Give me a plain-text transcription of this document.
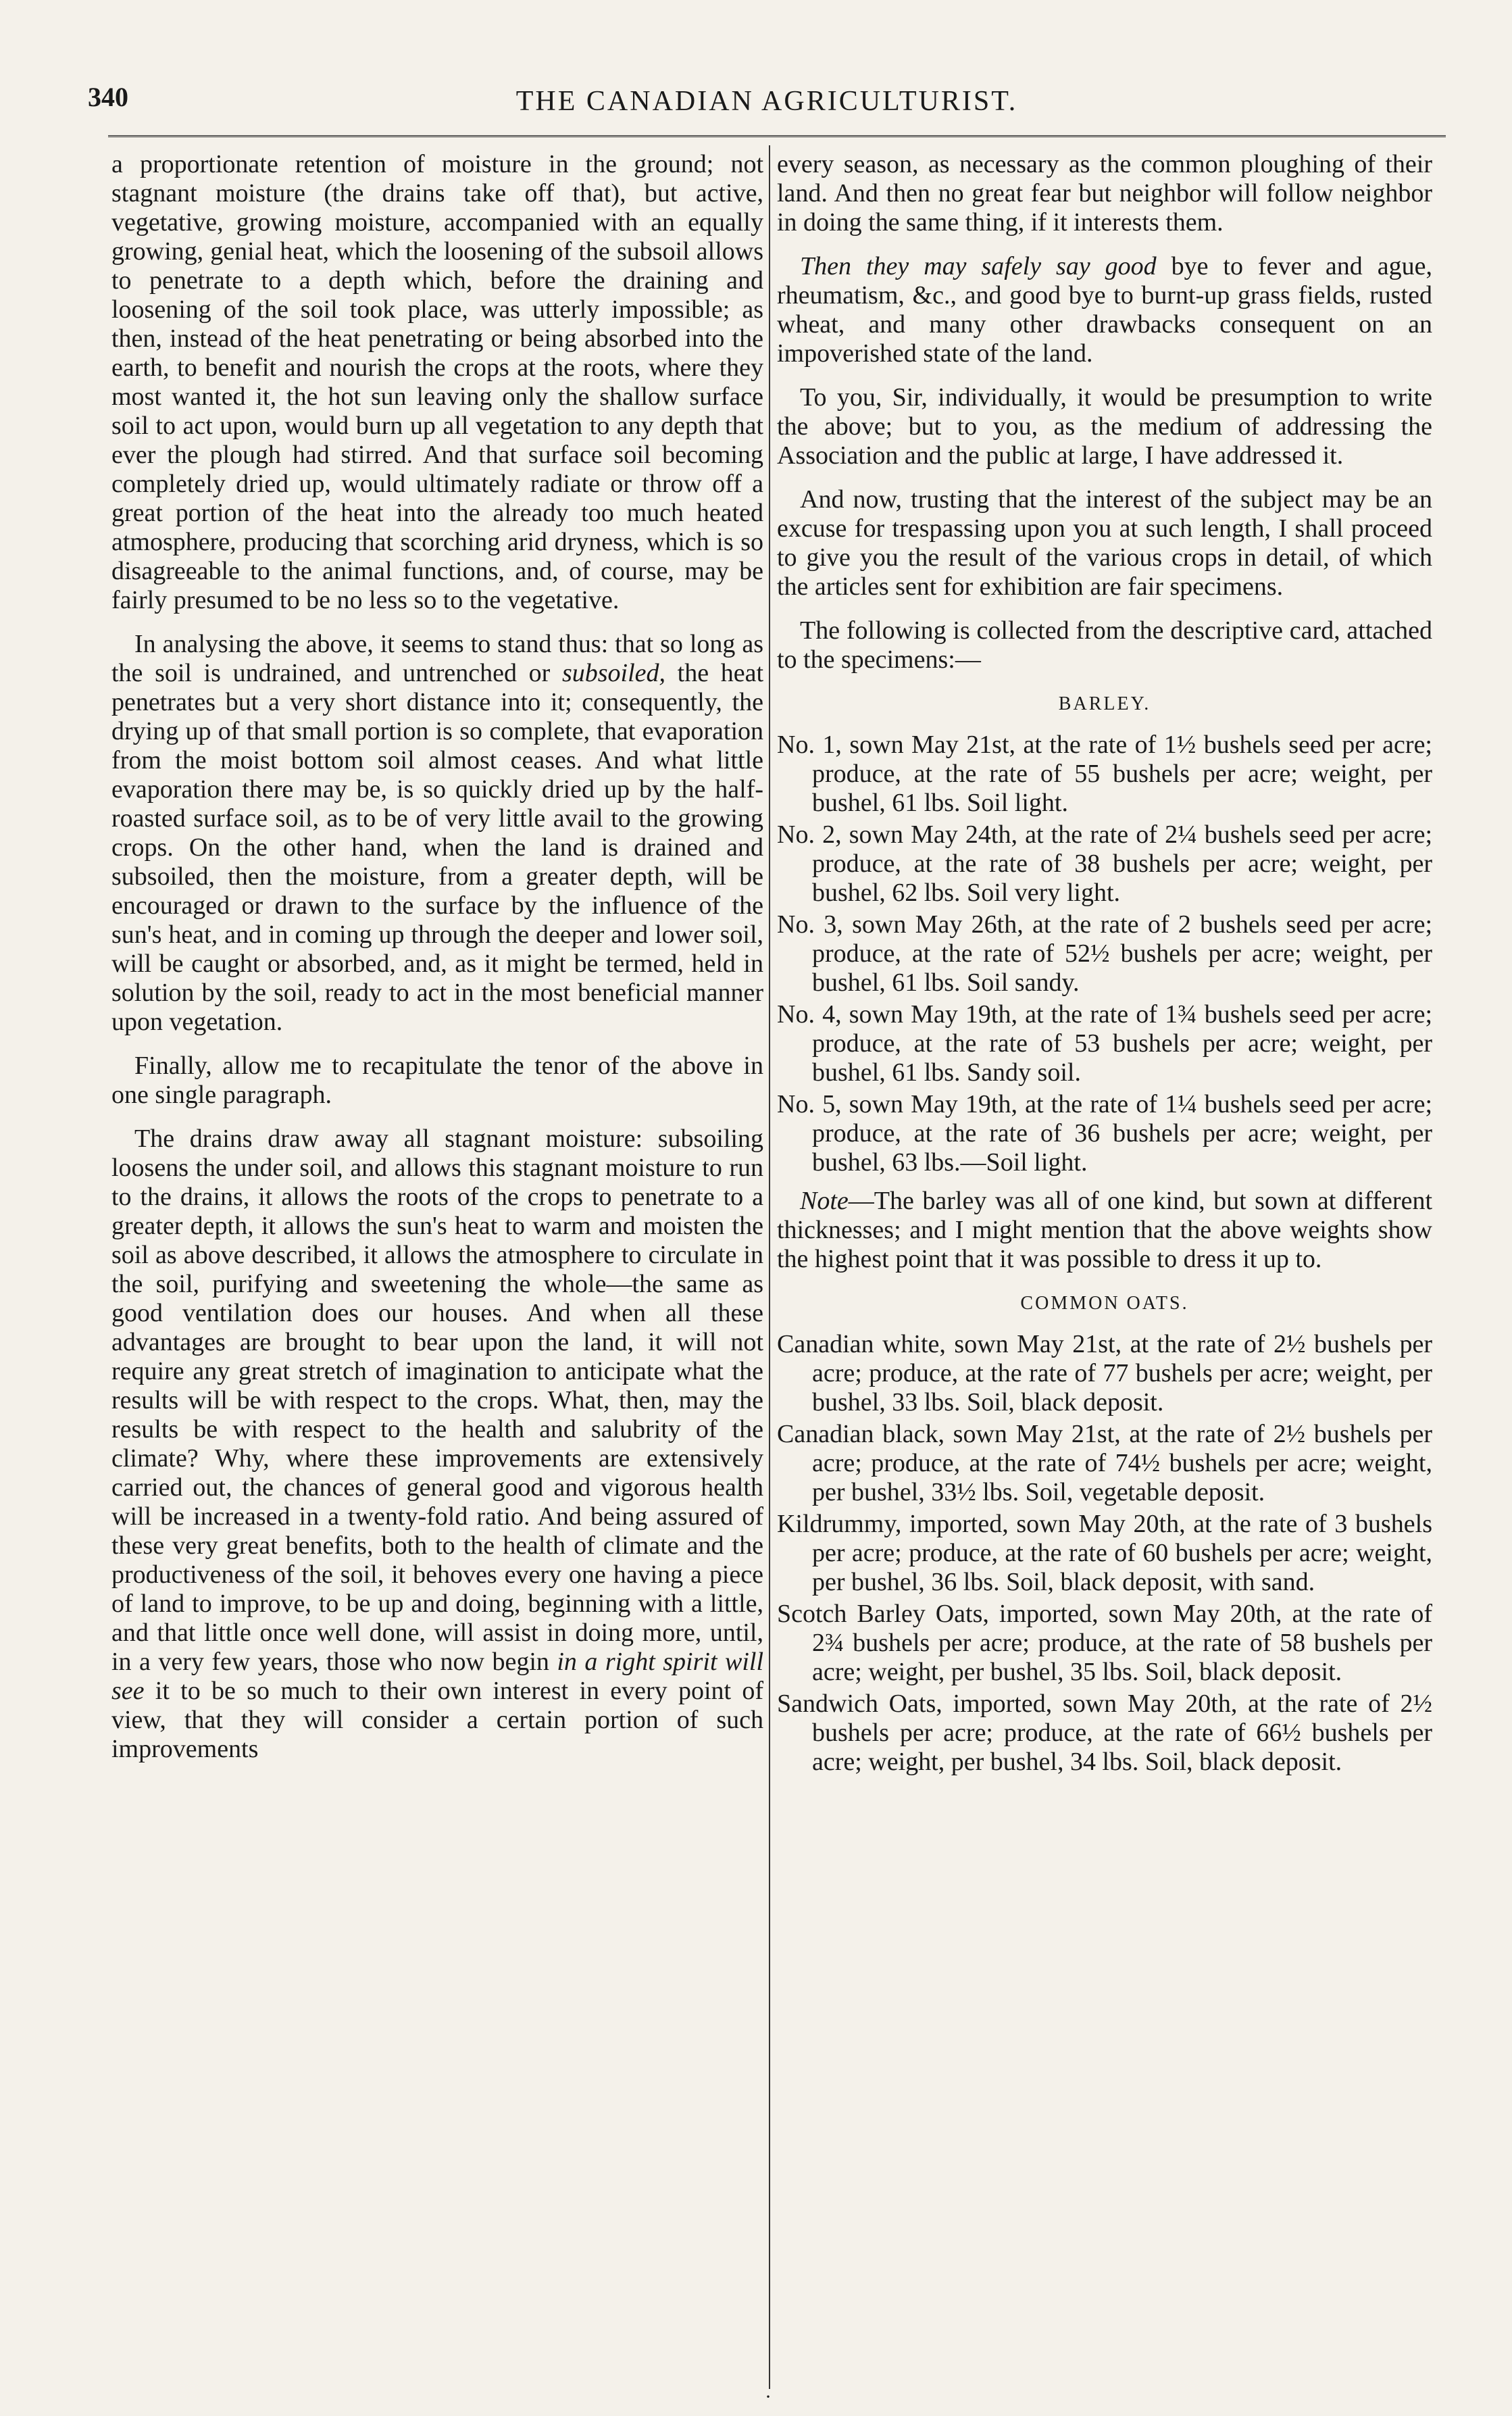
340	THE CANADIAN AGRICULTURIST.

a proportionate retention of moisture in the ground; not stagnant moisture (the drains take off that), but active, vegetative, growing moisture, accompanied with an equally growing, genial heat, which the loosening of the subsoil allows to penetrate to a depth which, before the draining and loosening of the soil took place, was utterly impossible; as then, instead of the heat penetrating or being absorbed into the earth, to benefit and nourish the crops at the roots, where they most wanted it, the hot sun leaving only the shallow surface soil to act upon, would burn up all vegetation to any depth that ever the plough had stirred. And that surface soil becoming completely dried up, would ultimately radiate or throw off a great portion of the heat into the already too much heated atmosphere, producing that scorching arid dryness, which is so disagreeable to the animal functions, and, of course, may be fairly presumed to be no less so to the vegetative.

In analysing the above, it seems to stand thus: that so long as the soil is undrained, and untrenched or subsoiled, the heat penetrates but a very short distance into it; consequently, the drying up of that small portion is so complete, that evaporation from the moist bottom soil almost ceases. And what little evaporation there may be, is so quickly dried up by the half-roasted surface soil, as to be of very little avail to the growing crops. On the other hand, when the land is drained and subsoiled, then the moisture, from a greater depth, will be encouraged or drawn to the surface by the influence of the sun's heat, and in coming up through the deeper and lower soil, will be caught or absorbed, and, as it might be termed, held in solution by the soil, ready to act in the most beneficial manner upon vegetation.

Finally, allow me to recapitulate the tenor of the above in one single paragraph.

The drains draw away all stagnant moisture: subsoiling loosens the under soil, and allows this stagnant moisture to run to the drains, it allows the roots of the crops to penetrate to a greater depth, it allows the sun's heat to warm and moisten the soil as above described, it allows the atmosphere to circulate in the soil, purifying and sweetening the whole—the same as good ventilation does our houses. And when all these advantages are brought to bear upon the land, it will not require any great stretch of imagination to anticipate what the results will be with respect to the crops. What, then, may the results be with respect to the health and salubrity of the climate? Why, where these improvements are extensively carried out, the chances of general good and vigorous health will be increased in a twenty-fold ratio. And being assured of these very great benefits, both to the health of climate and the productiveness of the soil, it behoves every one having a piece of land to improve, to be up and doing, beginning with a little, and that little once well done, will assist in doing more, until, in a very few years, those who now begin in a right spirit will see it to be so much to their own interest in every point of view, that they will consider a certain portion of such improvements

every season, as necessary as the common ploughing of their land. And then no great fear but neighbor will follow neighbor in doing the same thing, if it interests them.

Then they may safely say good bye to fever and ague, rheumatism, &c., and good bye to burnt-up grass fields, rusted wheat, and many other drawbacks consequent on an impoverished state of the land.

To you, Sir, individually, it would be presumption to write the above; but to you, as the medium of addressing the Association and the public at large, I have addressed it.

And now, trusting that the interest of the subject may be an excuse for trespassing upon you at such length, I shall proceed to give you the result of the various crops in detail, of which the articles sent for exhibition are fair specimens.

The following is collected from the descriptive card, attached to the specimens:—

BARLEY.
No. 1, sown May 21st, at the rate of 1½ bushels seed per acre; produce, at the rate of 55 bushels per acre; weight, per bushel, 61 lbs. Soil light.
No. 2, sown May 24th, at the rate of 2¼ bushels seed per acre; produce, at the rate of 38 bushels per acre; weight, per bushel, 62 lbs. Soil very light.
No. 3, sown May 26th, at the rate of 2 bushels seed per acre; produce, at the rate of 52½ bushels per acre; weight, per bushel, 61 lbs. Soil sandy.
No. 4, sown May 19th, at the rate of 1¾ bushels seed per acre; produce, at the rate of 53 bushels per acre; weight, per bushel, 61 lbs. Sandy soil.
No. 5, sown May 19th, at the rate of 1¼ bushels seed per acre; produce, at the rate of 36 bushels per acre; weight, per bushel, 63 lbs.—Soil light.

Note—The barley was all of one kind, but sown at different thicknesses; and I might mention that the above weights show the highest point that it was possible to dress it up to.

COMMON OATS.
Canadian white, sown May 21st, at the rate of 2½ bushels per acre; produce, at the rate of 77 bushels per acre; weight, per bushel, 33 lbs. Soil, black deposit.
Canadian black, sown May 21st, at the rate of 2½ bushels per acre; produce, at the rate of 74½ bushels per acre; weight, per bushel, 33½ lbs. Soil, vegetable deposit.
Kildrummy, imported, sown May 20th, at the rate of 3 bushels per acre; produce, at the rate of 60 bushels per acre; weight, per bushel, 36 lbs. Soil, black deposit, with sand.
Scotch Barley Oats, imported, sown May 20th, at the rate of 2¾ bushels per acre; produce, at the rate of 58 bushels per acre; weight, per bushel, 35 lbs. Soil, black deposit.
Sandwich Oats, imported, sown May 20th, at the rate of 2½ bushels per acre; produce, at the rate of 66½ bushels per acre; weight, per bushel, 34 lbs. Soil, black deposit.
·
